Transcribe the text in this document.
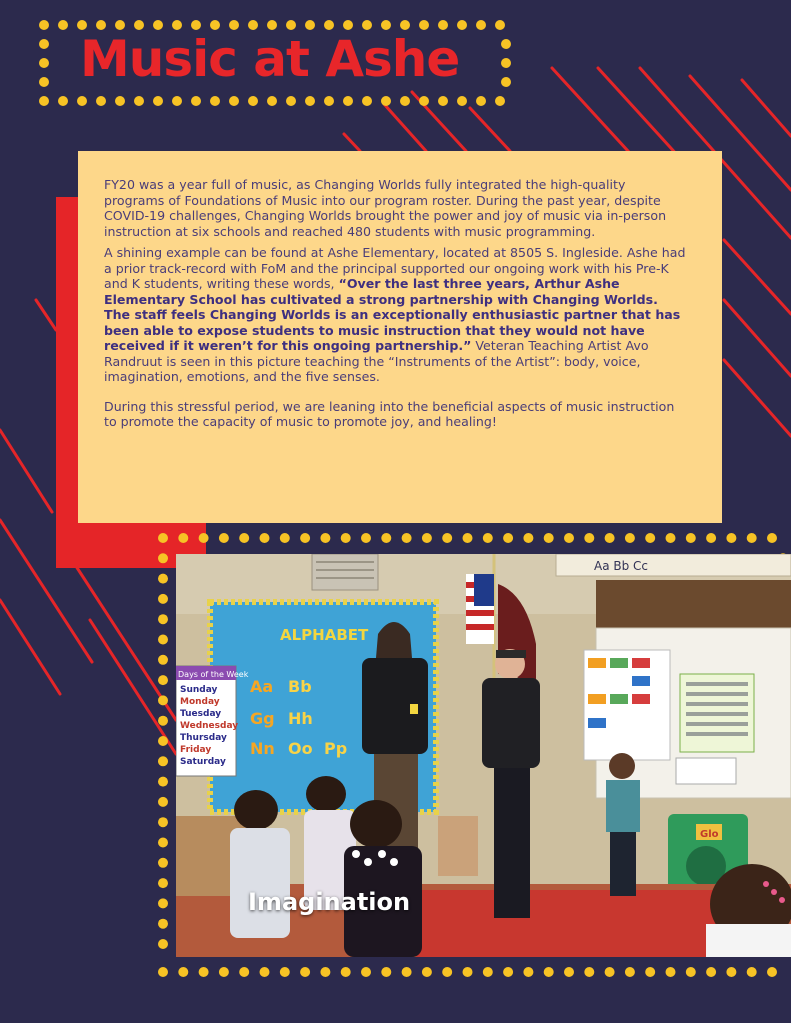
Music at Ashe

FY20 was a year full of music, as Changing Worlds fully integrated the high-quality programs of Foundations of Music into our program roster. During the past year, despite COVID-19 challenges, Changing Worlds brought the power and joy of music via in-person instruction at six schools and reached 480 students with music programming.

A shining example can be found at Ashe Elementary, located at 8505 S. Ingleside. Ashe had a prior track-record with FoM and the principal supported our ongoing work with his Pre-K and K students, writing these words, “Over the last three years, Arthur Ashe Elementary School has cultivated a strong partnership with Changing Worlds. The staff feels Changing Worlds is an exceptionally enthusiastic partner that has been able to expose students to music instruction that they would not have received if it weren’t for this ongoing partnership.” Veteran Teaching Artist Avo Randruut is seen in this picture teaching the “Instruments of the Artist”: body, voice, imagination, emotions, and the five senses.

During this stressful period, we are leaning into the beneficial aspects of music instruction to promote the capacity of music to promote joy, and healing!

Aa Bb Cc
ALPHABET
Aa Bb
Gg Hh
Nn Oo Pp
Days of the Week
Sunday
Monday
Tuesday
Wednesday
Thursday
Friday
Saturday
Glo
Imagination
